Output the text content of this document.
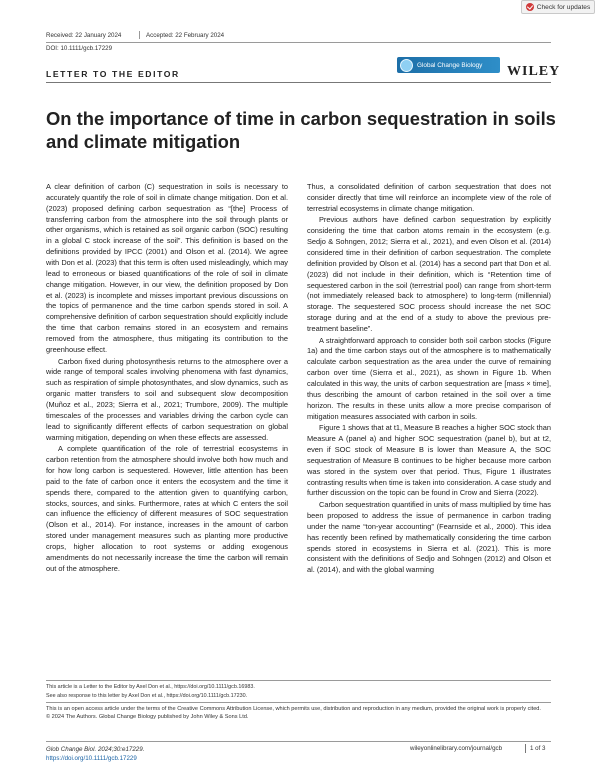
Check for updates
Received: 22 January 2024	Accepted: 22 February 2024
DOI: 10.1111/gcb.17229
LETTER TO THE EDITOR
Global Change Biology WILEY
On the importance of time in carbon sequestration in soils and climate mitigation

A clear definition of carbon (C) sequestration in soils is necessary to accurately quantify the role of soil in climate change mitigation. Don et al. (2023) proposed defining carbon sequestration as “[the] Process of transferring carbon from the atmosphere into the soil through plants or other organisms, which is retained as soil organic carbon (SOC) resulting in a global C stock increase of the soil”. This definition is based on the definitions provided by IPCC (2001) and Olson et al. (2014). We agree with Don et al. (2023) that this term is often used misleadingly, which may lead to erroneous or biased quantifications of the role of soil in climate change mitigation. However, in our view, the definition proposed by Don et al. (2023) is incomplete and misses important previous discussions on the topics of permanence and the time carbon spends stored in soil. A comprehensive definition of carbon sequestration should explicitly include the time that carbon remains stored in an ecosystem and remains removed from the atmosphere, thus mitigating its contribution to the greenhouse effect.

Carbon fixed during photosynthesis returns to the atmosphere over a wide range of temporal scales involving phenomena with fast dynamics, such as respiration of simple photosynthates, and slow dynamics, such as organic matter transfers to soil and subsequent slow decomposition (Muñoz et al., 2023; Sierra et al., 2021; Trumbore, 2009). The multiple timescales of the processes and variables driving the carbon cycle can lead to significantly different effects of carbon sequestration on global warming mitigation, depending on when these effects are assessed.

A complete quantification of the role of terrestrial ecosystems in carbon retention from the atmosphere should involve both how much and for how long carbon is sequestered. However, little attention has been paid to the fate of carbon once it enters the ecosystem and the time it spends there, compared to the attention given to quantifying carbon, stocks, sources, and sinks. Furthermore, rates at which C enters the soil can influence the efficiency of different measures of SOC sequestration (Olson et al., 2014). For instance, increases in the amount of carbon stored under management measures such as planting more productive crops, higher allocation to root systems or adding exogenous amendments do not necessarily increase the time the carbon will remain out of the atmosphere.

Thus, a consolidated definition of carbon sequestration that does not consider directly that time will reinforce an incomplete view of the role of terrestrial ecosystems in climate change mitigation.

Previous authors have defined carbon sequestration by explicitly considering the time that carbon atoms remain in the ecosystem (e.g. Sedjo & Sohngen, 2012; Sierra et al., 2021), and even Olson et al. (2014) considered time in their definition of carbon sequestration. The complete definition provided by Olson et al. (2014) has a second part that Don et al. (2023) did not include in their definition, which is “Retention time of sequestered carbon in the soil (terrestrial pool) can range from short-term (not immediately released back to atmosphere) to long-term (millennial) storage. The sequestered SOC process should increase the net SOC storage during and at the end of a study to above the previous pre-treatment baseline”.

A straightforward approach to consider both soil carbon stocks (Figure 1a) and the time carbon stays out of the atmosphere is to mathematically calculate carbon sequestration as the area under the curve of remaining carbon over time (Sierra et al., 2021), as shown in Figure 1b. When calculated in this way, the units of carbon sequestration are [mass × time], thus describing the amount of carbon retained in the soil over a time horizon. The results in these units allow a more precise comparison of mitigation measures associated with carbon in soils.

Figure 1 shows that at t1, Measure B reaches a higher SOC stock than Measure A (panel a) and higher SOC sequestration (panel b), but at t2, even if SOC stock of Measure B is lower than Measure A, the SOC sequestration of Measure B continues to be higher because more carbon was stored in the system over that period. Thus, Figure 1 illustrates contrasting results when time is taken into consideration. A case study and further discussion on the topic can be found in Crow and Sierra (2022).

Carbon sequestration quantified in units of mass multiplied by time has been proposed to address the issue of permanence in carbon trading under the name “ton-year accounting” (Fearnside et al., 2000). This idea has recently been refined by mathematically considering the time carbon spends stored in ecosystems in Sierra et al. (2021). This is more consistent with the definitions of Sedjo and Sohngen (2012) and Olson et al. (2014), and with the global warming

This article is a Letter to the Editor by Axel Don et al., https://doi.org/10.1111/gcb.16983.
See also response to this letter by Axel Don et al., https://doi.org/10.1111/gcb.17230.
This is an open access article under the terms of the Creative Commons Attribution License, which permits use, distribution and reproduction in any medium, provided the original work is properly cited.
© 2024 The Authors. Global Change Biology published by John Wiley & Sons Ltd.
Glob Change Biol. 2024;30:e17229.
https://doi.org/10.1111/gcb.17229
wileyonlinelibrary.com/journal/gcb	1 of 3
